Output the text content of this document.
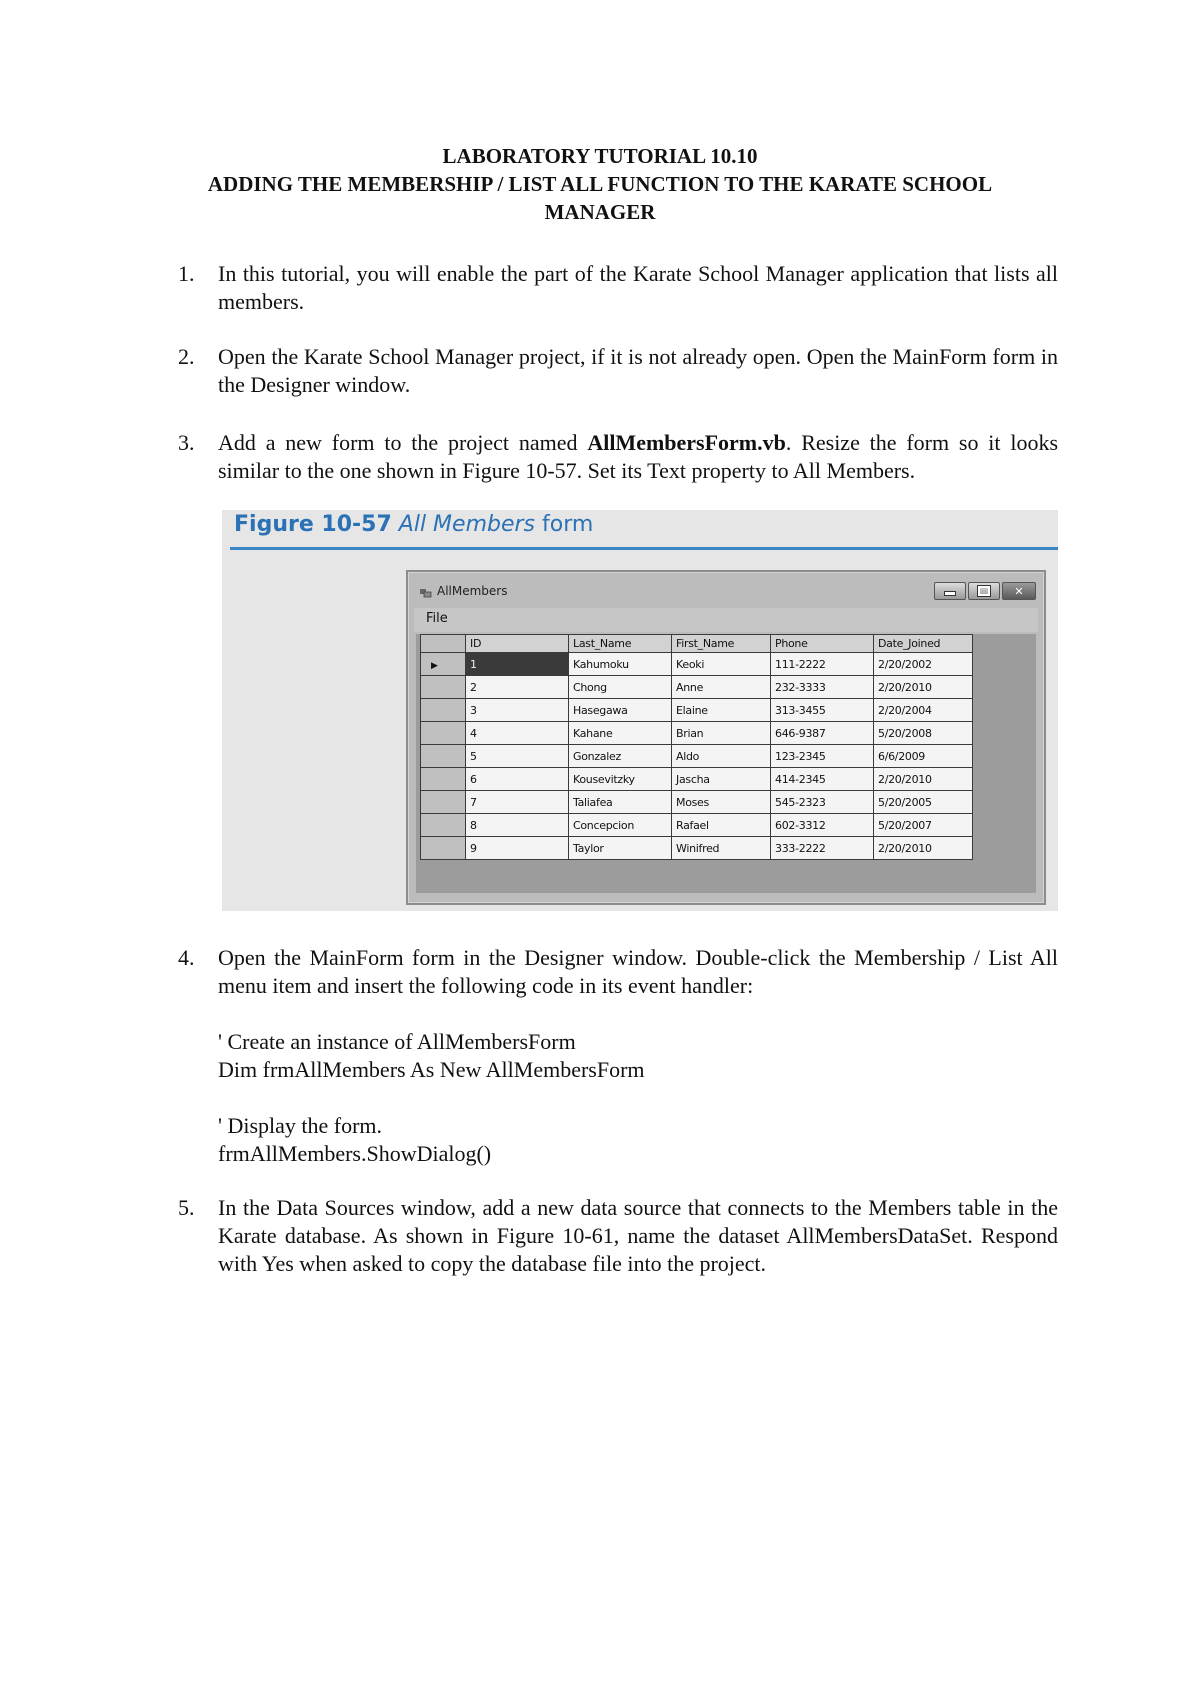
LABORATORY TUTORIAL 10.10
ADDING THE MEMBERSHIP / LIST ALL FUNCTION TO THE KARATE SCHOOL
MANAGER
1. In this tutorial, you will enable the part of the Karate School Manager application that lists all members.
2. Open the Karate School Manager project, if it is not already open. Open the MainForm form in the Designer window.
3. Add a new form to the project named AllMembersForm.vb. Resize the form so it looks similar to the one shown in Figure 10-57. Set its Text property to All Members.
Figure 10-57 All Members form
AllMembers	✕
File
	ID	Last_Name	First_Name	Phone	Date_Joined
▶	1	Kahumoku	Keoki	111-2222	2/20/2002
	2	Chong	Anne	232-3333	2/20/2010
	3	Hasegawa	Elaine	313-3455	2/20/2004
	4	Kahane	Brian	646-9387	5/20/2008
	5	Gonzalez	Aldo	123-2345	6/6/2009
	6	Kousevitzky	Jascha	414-2345	2/20/2010
	7	Taliafea	Moses	545-2323	5/20/2005
	8	Concepcion	Rafael	602-3312	5/20/2007
	9	Taylor	Winifred	333-2222	2/20/2010
4. Open the MainForm form in the Designer window. Double-click the Membership / List All menu item and insert the following code in its event handler:

' Create an instance of AllMembersForm

Dim frmAllMembers As New AllMembersForm

' Display the form.

frmAllMembers.ShowDialog()

5. In the Data Sources window, add a new data source that connects to the Members table in the Karate database. As shown in Figure 10-61, name the dataset AllMembersDataSet. Respond with Yes when asked to copy the database file into the project.
